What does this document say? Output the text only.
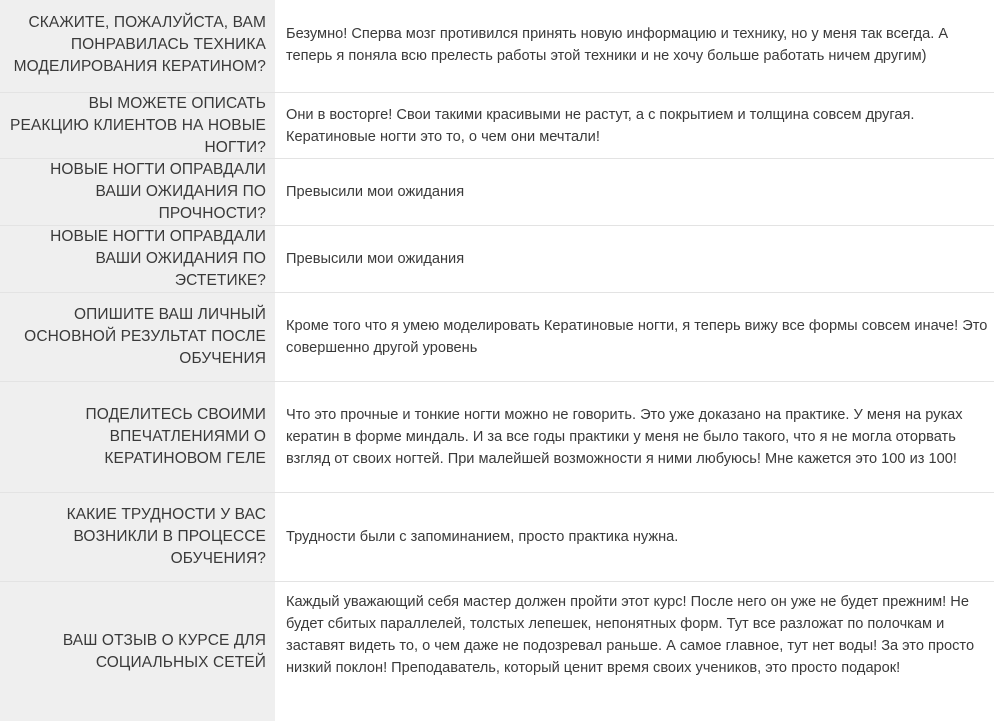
СКАЖИТЕ, ПОЖАЛУЙСТА, ВАМ ПОНРАВИЛАСЬ ТЕХНИКА МОДЕЛИРОВАНИЯ КЕРАТИНОМ?
Безумно! Сперва мозг противился принять новую информацию и технику, но у меня так всегда. А теперь я поняла всю прелесть работы этой техники и не хочу больше работать ничем другим)
ВЫ МОЖЕТЕ ОПИСАТЬ РЕАКЦИЮ КЛИЕНТОВ НА НОВЫЕ НОГТИ?
Они в восторге! Свои такими красивыми не растут, а с покрытием и толщина совсем другая. Кератиновые ногти это то, о чем они мечтали!
НОВЫЕ НОГТИ ОПРАВДАЛИ ВАШИ ОЖИДАНИЯ ПО ПРОЧНОСТИ?
Превысили мои ожидания
НОВЫЕ НОГТИ ОПРАВДАЛИ ВАШИ ОЖИДАНИЯ ПО ЭСТЕТИКЕ?
Превысили мои ожидания
ОПИШИТЕ ВАШ ЛИЧНЫЙ ОСНОВНОЙ РЕЗУЛЬТАТ ПОСЛЕ ОБУЧЕНИЯ
Кроме того что я умею моделировать Кератиновые ногти, я теперь вижу все формы совсем иначе! Это совершенно другой уровень
ПОДЕЛИТЕСЬ СВОИМИ ВПЕЧАТЛЕНИЯМИ О КЕРАТИНОВОМ ГЕЛЕ
Что это прочные и тонкие ногти можно не говорить. Это уже доказано на практике. У меня на руках кератин в форме миндаль. И за все годы практики у меня не было такого, что я не могла оторвать взгляд от своих ногтей. При малейшей возможности я ними любуюсь! Мне кажется это 100 из 100!
КАКИЕ ТРУДНОСТИ У ВАС ВОЗНИКЛИ В ПРОЦЕССЕ ОБУЧЕНИЯ?
Трудности были с запоминанием, просто практика нужна.
ВАШ ОТЗЫВ О КУРСЕ ДЛЯ СОЦИАЛЬНЫХ СЕТЕЙ
Каждый уважающий себя мастер должен пройти этот курс! После него он уже не будет прежним! Не будет сбитых параллелей, толстых лепешек, непонятных форм. Тут все разложат по полочкам и заставят видеть то, о чем даже не подозревал раньше. А самое главное, тут нет воды! За это просто низкий поклон! Преподаватель, который ценит время своих учеников, это просто подарок!
